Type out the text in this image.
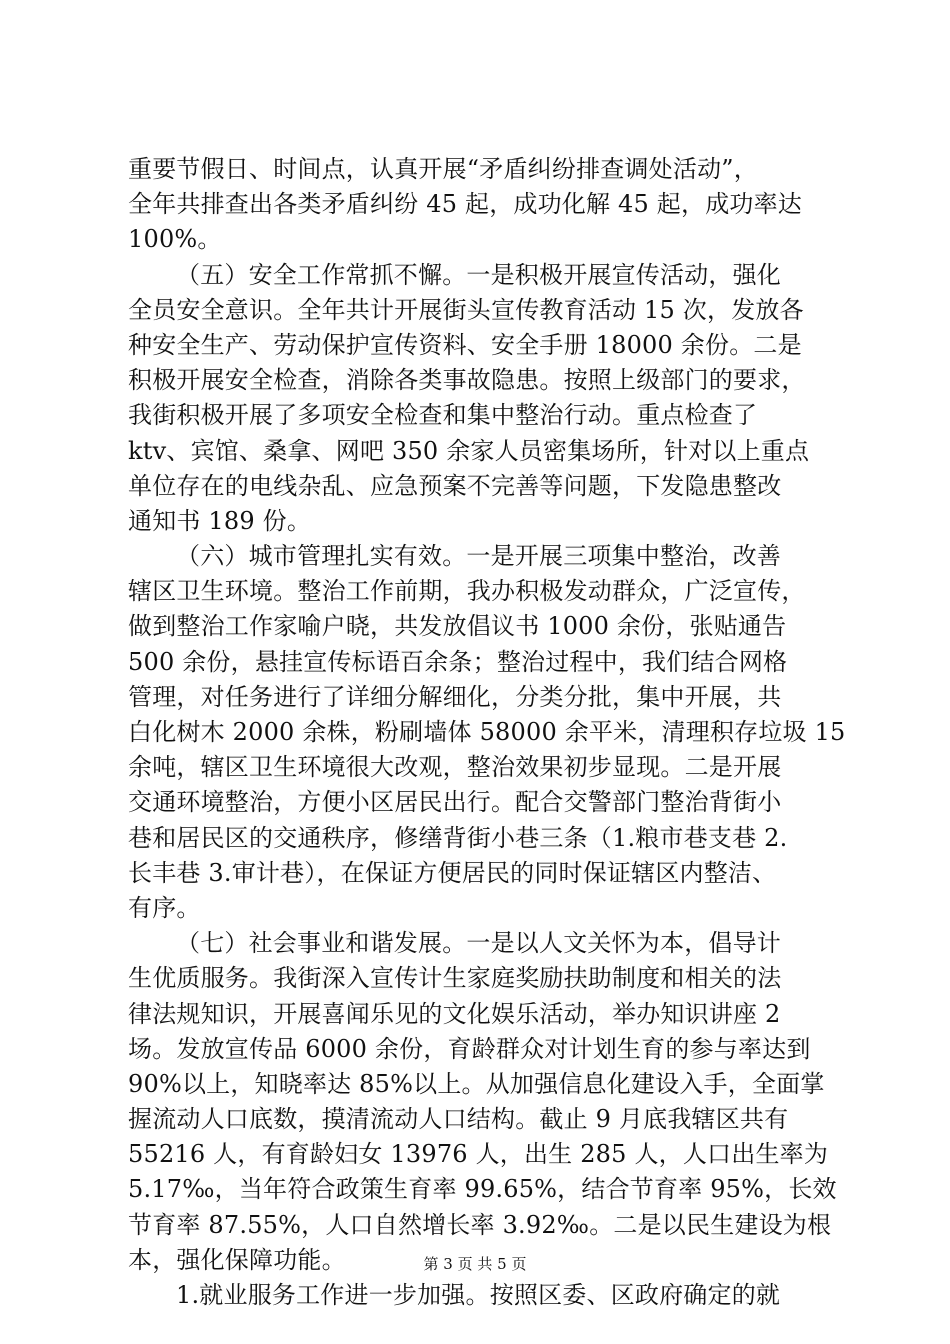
重要节假日、时间点，认真开展“矛盾纠纷排查调处活动”，
全年共排查出各类矛盾纠纷 45 起，成功化解 45 起，成功率达
100%。
（五）安全工作常抓不懈。一是积极开展宣传活动，强化
全员安全意识。全年共计开展街头宣传教育活动 15 次，发放各
种安全生产、劳动保护宣传资料、安全手册 18000 余份。二是
积极开展安全检查，消除各类事故隐患。按照上级部门的要求，
我街积极开展了多项安全检查和集中整治行动。重点检查了
ktv、宾馆、桑拿、网吧 350 余家人员密集场所，针对以上重点
单位存在的电线杂乱、应急预案不完善等问题，下发隐患整改
通知书 189 份。
（六）城市管理扎实有效。一是开展三项集中整治，改善
辖区卫生环境。整治工作前期，我办积极发动群众，广泛宣传，
做到整治工作家喻户晓，共发放倡议书 1000 余份，张贴通告
500 余份，悬挂宣传标语百余条；整治过程中，我们结合网格
管理，对任务进行了详细分解细化，分类分批，集中开展，共
白化树木 2000 余株，粉刷墙体 58000 余平米，清理积存垃圾 15
余吨，辖区卫生环境很大改观，整治效果初步显现。二是开展
交通环境整治，方便小区居民出行。配合交警部门整治背街小
巷和居民区的交通秩序，修缮背街小巷三条（1.粮市巷支巷 2.
长丰巷 3.审计巷），在保证方便居民的同时保证辖区内整洁、
有序。
（七）社会事业和谐发展。一是以人文关怀为本，倡导计
生优质服务。我街深入宣传计生家庭奖励扶助制度和相关的法
律法规知识，开展喜闻乐见的文化娱乐活动，举办知识讲座 2
场。发放宣传品 6000 余份，育龄群众对计划生育的参与率达到
90%以上，知晓率达 85%以上。从加强信息化建设入手，全面掌
握流动人口底数，摸清流动人口结构。截止 9 月底我辖区共有
55216 人，有育龄妇女 13976 人，出生 285 人，人口出生率为
5.17‰，当年符合政策生育率 99.65%，结合节育率 95%，长效
节育率 87.55%，人口自然增长率 3.92‰。二是以民生建设为根
本，强化保障功能。
1.就业服务工作进一步加强。按照区委、区政府确定的就
第 3 页 共 5 页
